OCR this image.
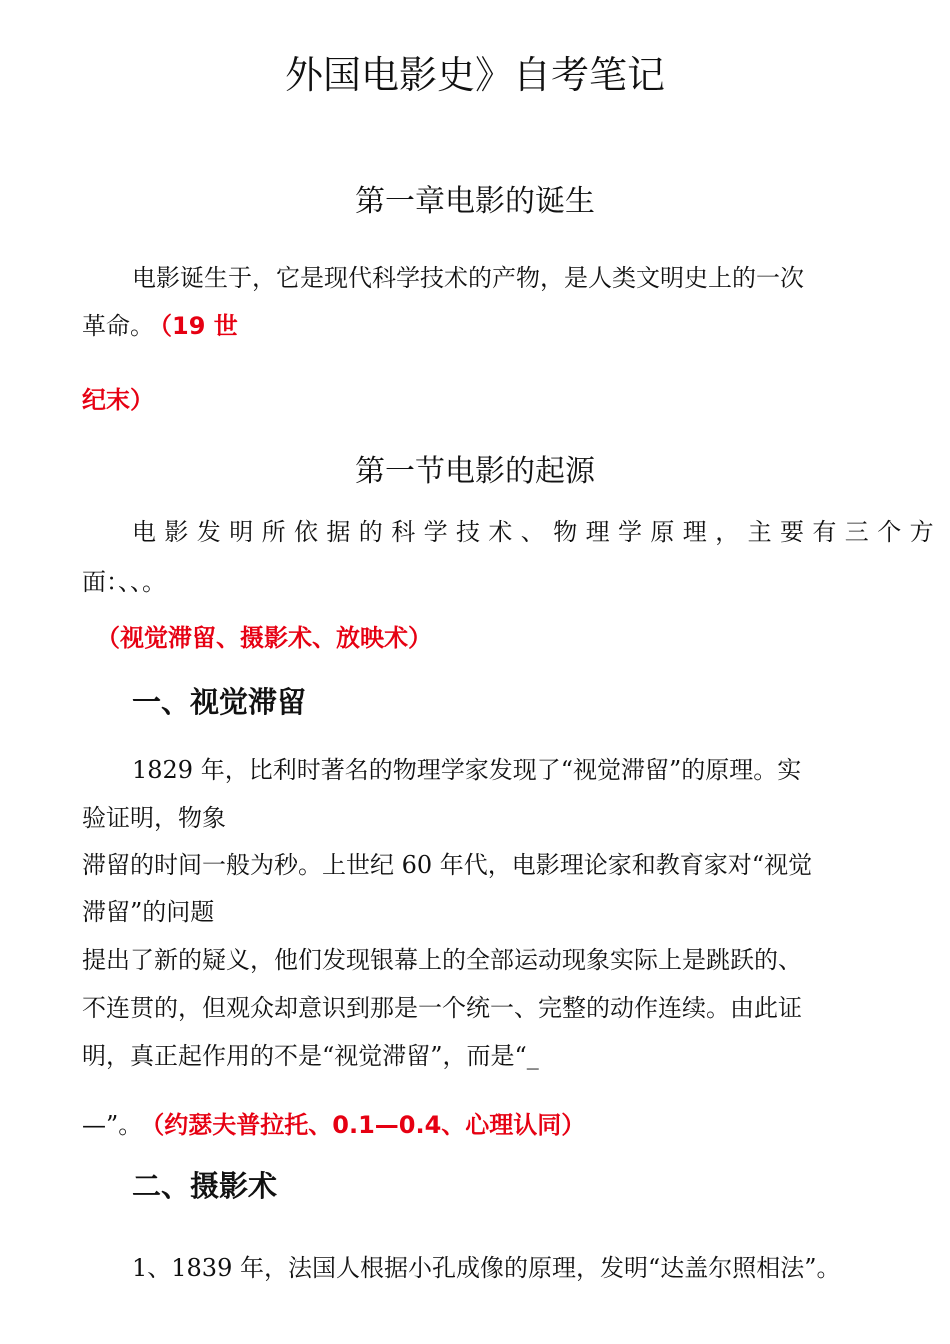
外国电影史》自考笔记
第一章电影的诞生
电影诞生于，它是现代科学技术的产物，是人类文明史上的一次
革命。 （19 世
纪末）
第一节电影的起源
电影发明所依据的科学技术、物理学原理，主要有三个方
面：、、。
（视觉滞留、摄影术、放映术）
一、视觉滞留
1829 年，比利时著名的物理学家发现了“视觉滞留”的原理。实
验证明，物象
滞留的时间一般为秒。上世纪 60 年代，电影理论家和教育家对“视觉
滞留”的问题
提出了新的疑义，他们发现银幕上的全部运动现象实际上是跳跃的、
不连贯的，但观众却意识到那是一个统一、完整的动作连续。由此证
明，真正起作用的不是“视觉滞留”，而是“_
—”。 （约瑟夫普拉托、0.1—0.4、心理认同）
二、摄影术
1、1839 年，法国人根据小孔成像的原理，发明“达盖尔照相法”。
